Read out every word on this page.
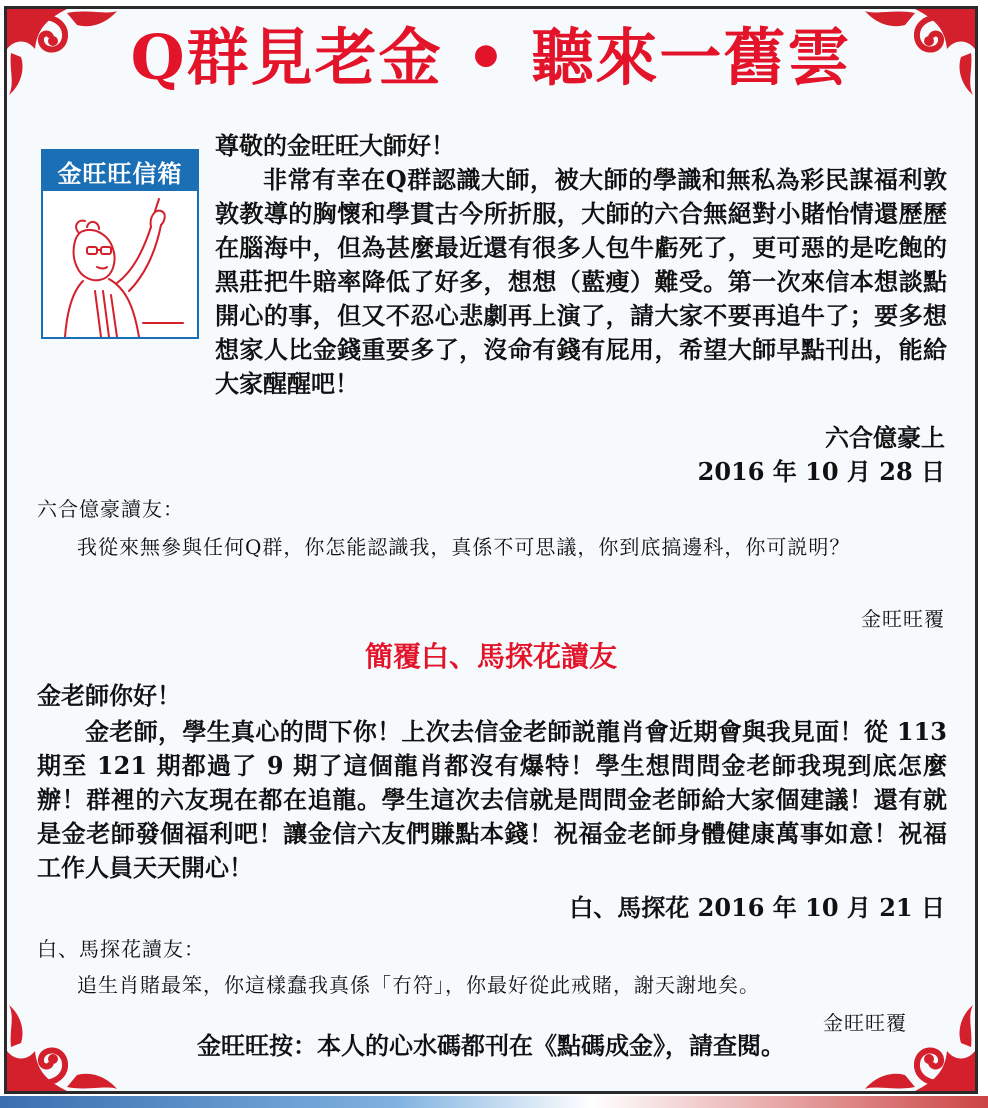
Q群見老金 • 聽來一舊雲
金旺旺信箱
尊敬的金旺旺大師好！
非常有幸在Q群認識大師，被大師的學識和無私為彩民謀福利敦敦教導的胸懷和學貫古今所折服，大師的六合無絕對小賭怡情還歷歷在腦海中，但為甚麼最近還有很多人包牛虧死了，更可惡的是吃飽的黑莊把牛賠率降低了好多，想想（藍瘦）難受。第一次來信本想談點開心的事，但又不忍心悲劇再上演了，請大家不要再追牛了；要多想想家人比金錢重要多了，沒命有錢有屁用，希望大師早點刊出，能給大家醒醒吧！
六合億豪上
2016 年 10 月 28 日
六合億豪讀友：
我從來無參與任何Q群，你怎能認識我，真係不可思議，你到底搞邊科，你可説明？
金旺旺覆
簡覆白、馬探花讀友
金老師你好！
金老師，學生真心的問下你！上次去信金老師説龍肖會近期會與我見面！從 113 期至 121 期都過了 9 期了這個龍肖都沒有爆特！學生想問問金老師我現到底怎麼辦！群裡的六友現在都在追龍。學生這次去信就是問問金老師給大家個建議！還有就是金老師發個福利吧！讓金信六友們賺點本錢！祝福金老師身體健康萬事如意！祝福工作人員天天開心！
白、馬探花 2016 年 10 月 21 日
白、馬探花讀友：
追生肖賭最笨，你這樣蠢我真係「冇符」，你最好從此戒賭，謝天謝地矣。
金旺旺覆
金旺旺按：本人的心水碼都刊在《點碼成金》，請查閱。
